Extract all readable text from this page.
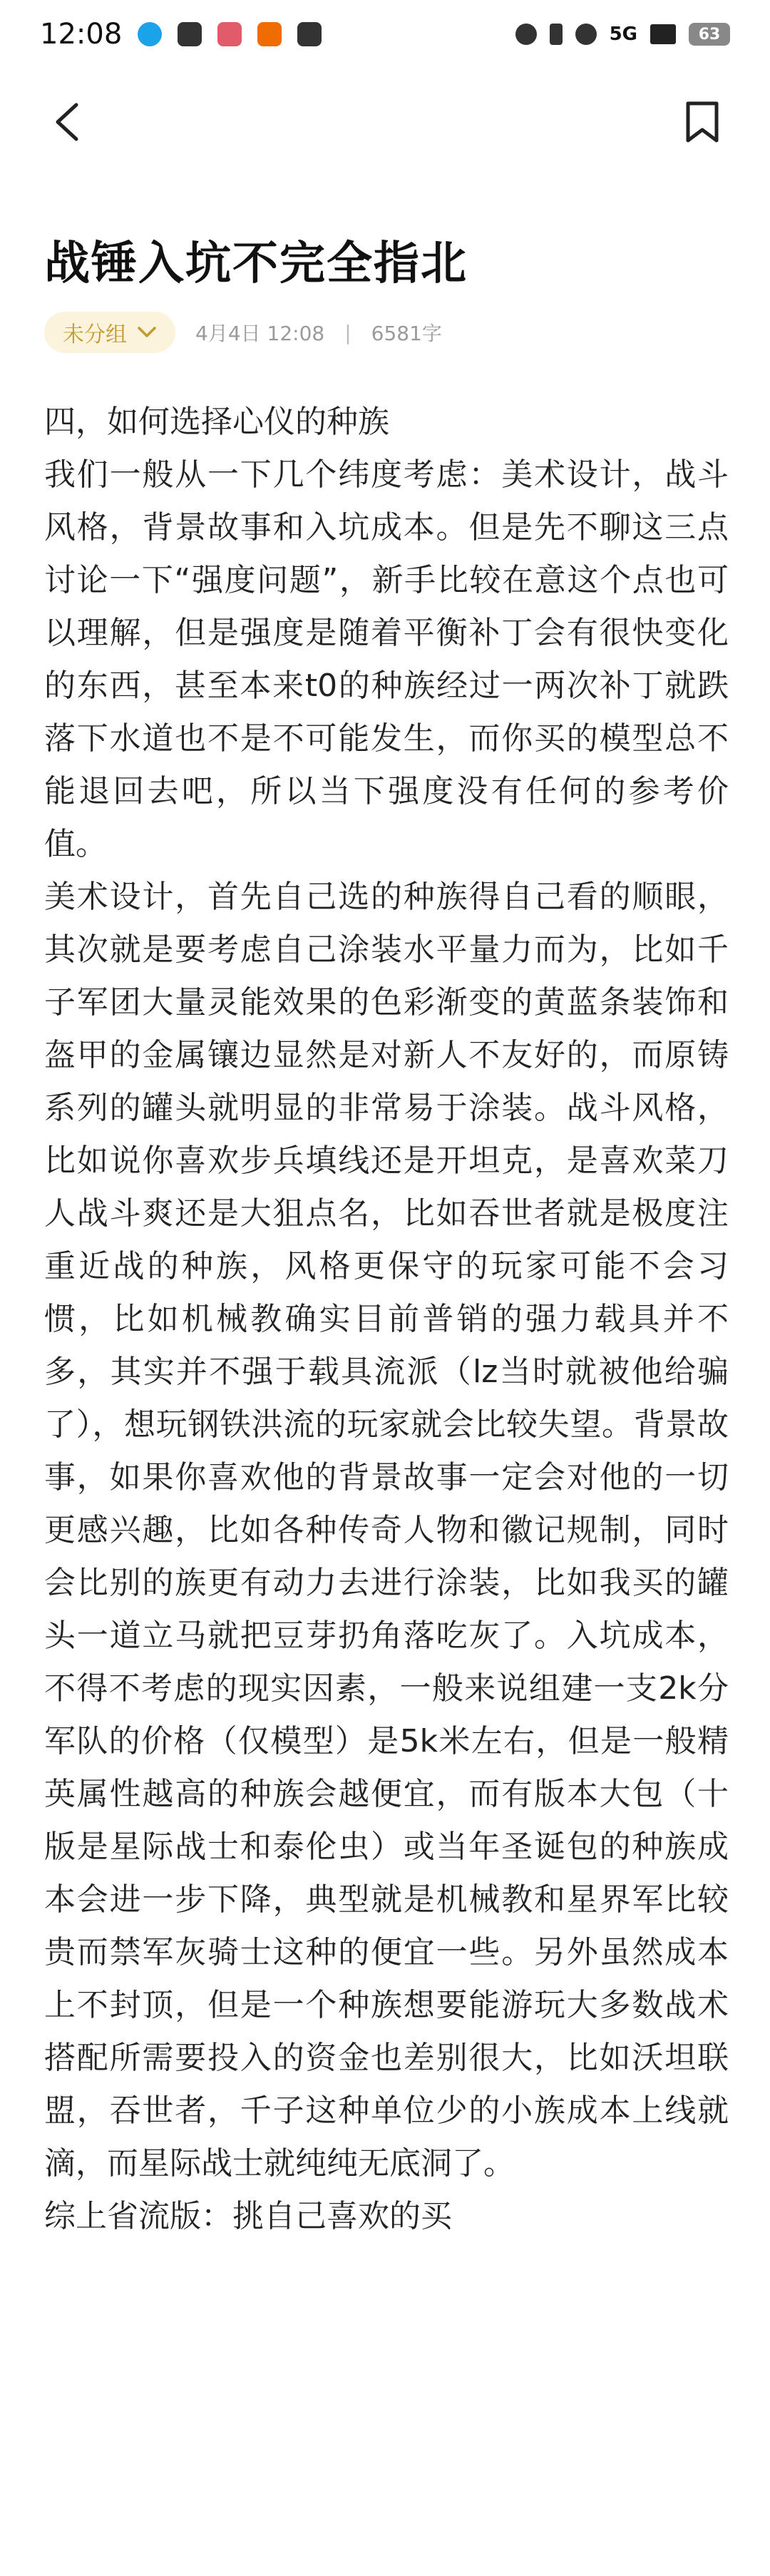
12:08	5G	63
战锤入坑不完全指北
未分组	4月4日 12:08 | 6581字

四，如何选择心仪的种族

我们一般从一下几个纬度考虑：美术设计，战斗风格，背景故事和入坑成本。但是先不聊这三点讨论一下“强度问题”，新手比较在意这个点也可以理解，但是强度是随着平衡补丁会有很快变化的东西，甚至本来t0的种族经过一两次补丁就跌落下水道也不是不可能发生，而你买的模型总不能退回去吧，所以当下强度没有任何的参考价值。

美术设计，首先自己选的种族得自己看的顺眼，其次就是要考虑自己涂装水平量力而为，比如千子军团大量灵能效果的色彩渐变的黄蓝条装饰和盔甲的金属镶边显然是对新人不友好的，而原铸系列的罐头就明显的非常易于涂装。战斗风格，比如说你喜欢步兵填线还是开坦克，是喜欢菜刀人战斗爽还是大狙点名，比如吞世者就是极度注重近战的种族，风格更保守的玩家可能不会习惯，比如机械教确实目前普销的强力载具并不多，其实并不强于载具流派（lz当时就被他给骗了），想玩钢铁洪流的玩家就会比较失望。背景故事，如果你喜欢他的背景故事一定会对他的一切更感兴趣，比如各种传奇人物和徽记规制，同时会比别的族更有动力去进行涂装，比如我买的罐头一道立马就把豆芽扔角落吃灰了。入坑成本，不得不考虑的现实因素，一般来说组建一支2k分军队的价格（仅模型）是5k米左右，但是一般精英属性越高的种族会越便宜，而有版本大包（十版是星际战士和泰伦虫）或当年圣诞包的种族成本会进一步下降，典型就是机械教和星界军比较贵而禁军灰骑士这种的便宜一些。另外虽然成本上不封顶，但是一个种族想要能游玩大多数战术搭配所需要投入的资金也差别很大，比如沃坦联盟，吞世者，千子这种单位少的小族成本上线就滴，而星际战士就纯纯无底洞了。

综上省流版：挑自己喜欢的买
